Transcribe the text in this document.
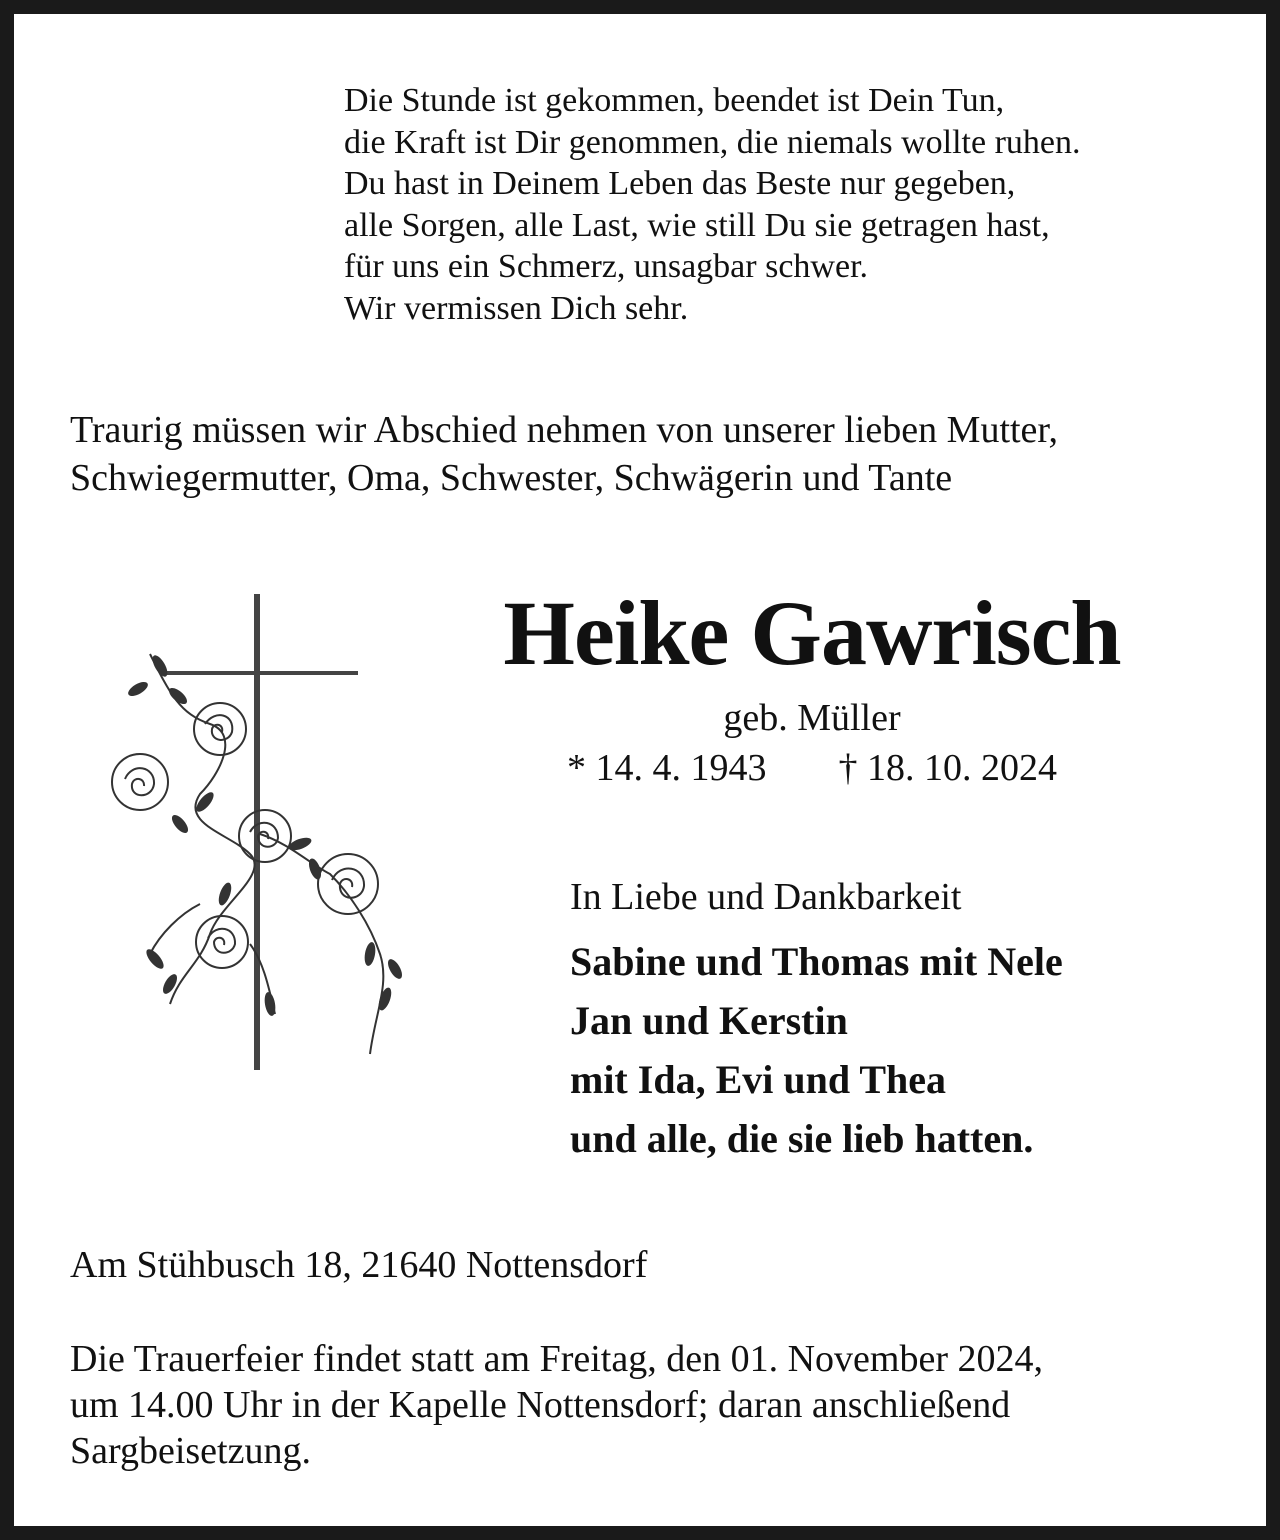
Die Stunde ist gekommen, beendet ist Dein Tun,
die Kraft ist Dir genommen, die niemals wollte ruhen.
Du hast in Deinem Leben das Beste nur gegeben,
alle Sorgen, alle Last, wie still Du sie getragen hast,
für uns ein Schmerz, unsagbar schwer.
Wir vermissen Dich sehr.
Traurig müssen wir Abschied nehmen von unserer lieben Mutter,
Schwiegermutter, Oma, Schwester, Schwägerin und Tante
Heike Gawrisch
geb. Müller
* 14. 4. 1943 † 18. 10. 2024
In Liebe und Dankbarkeit
Sabine und Thomas mit Nele
Jan und Kerstin
mit Ida, Evi und Thea
und alle, die sie lieb hatten.
Am Stühbusch 18, 21640 Nottensdorf
Die Trauerfeier findet statt am Freitag, den 01. November 2024,
um 14.00 Uhr in der Kapelle Nottensdorf; daran anschließend
Sargbeisetzung.
